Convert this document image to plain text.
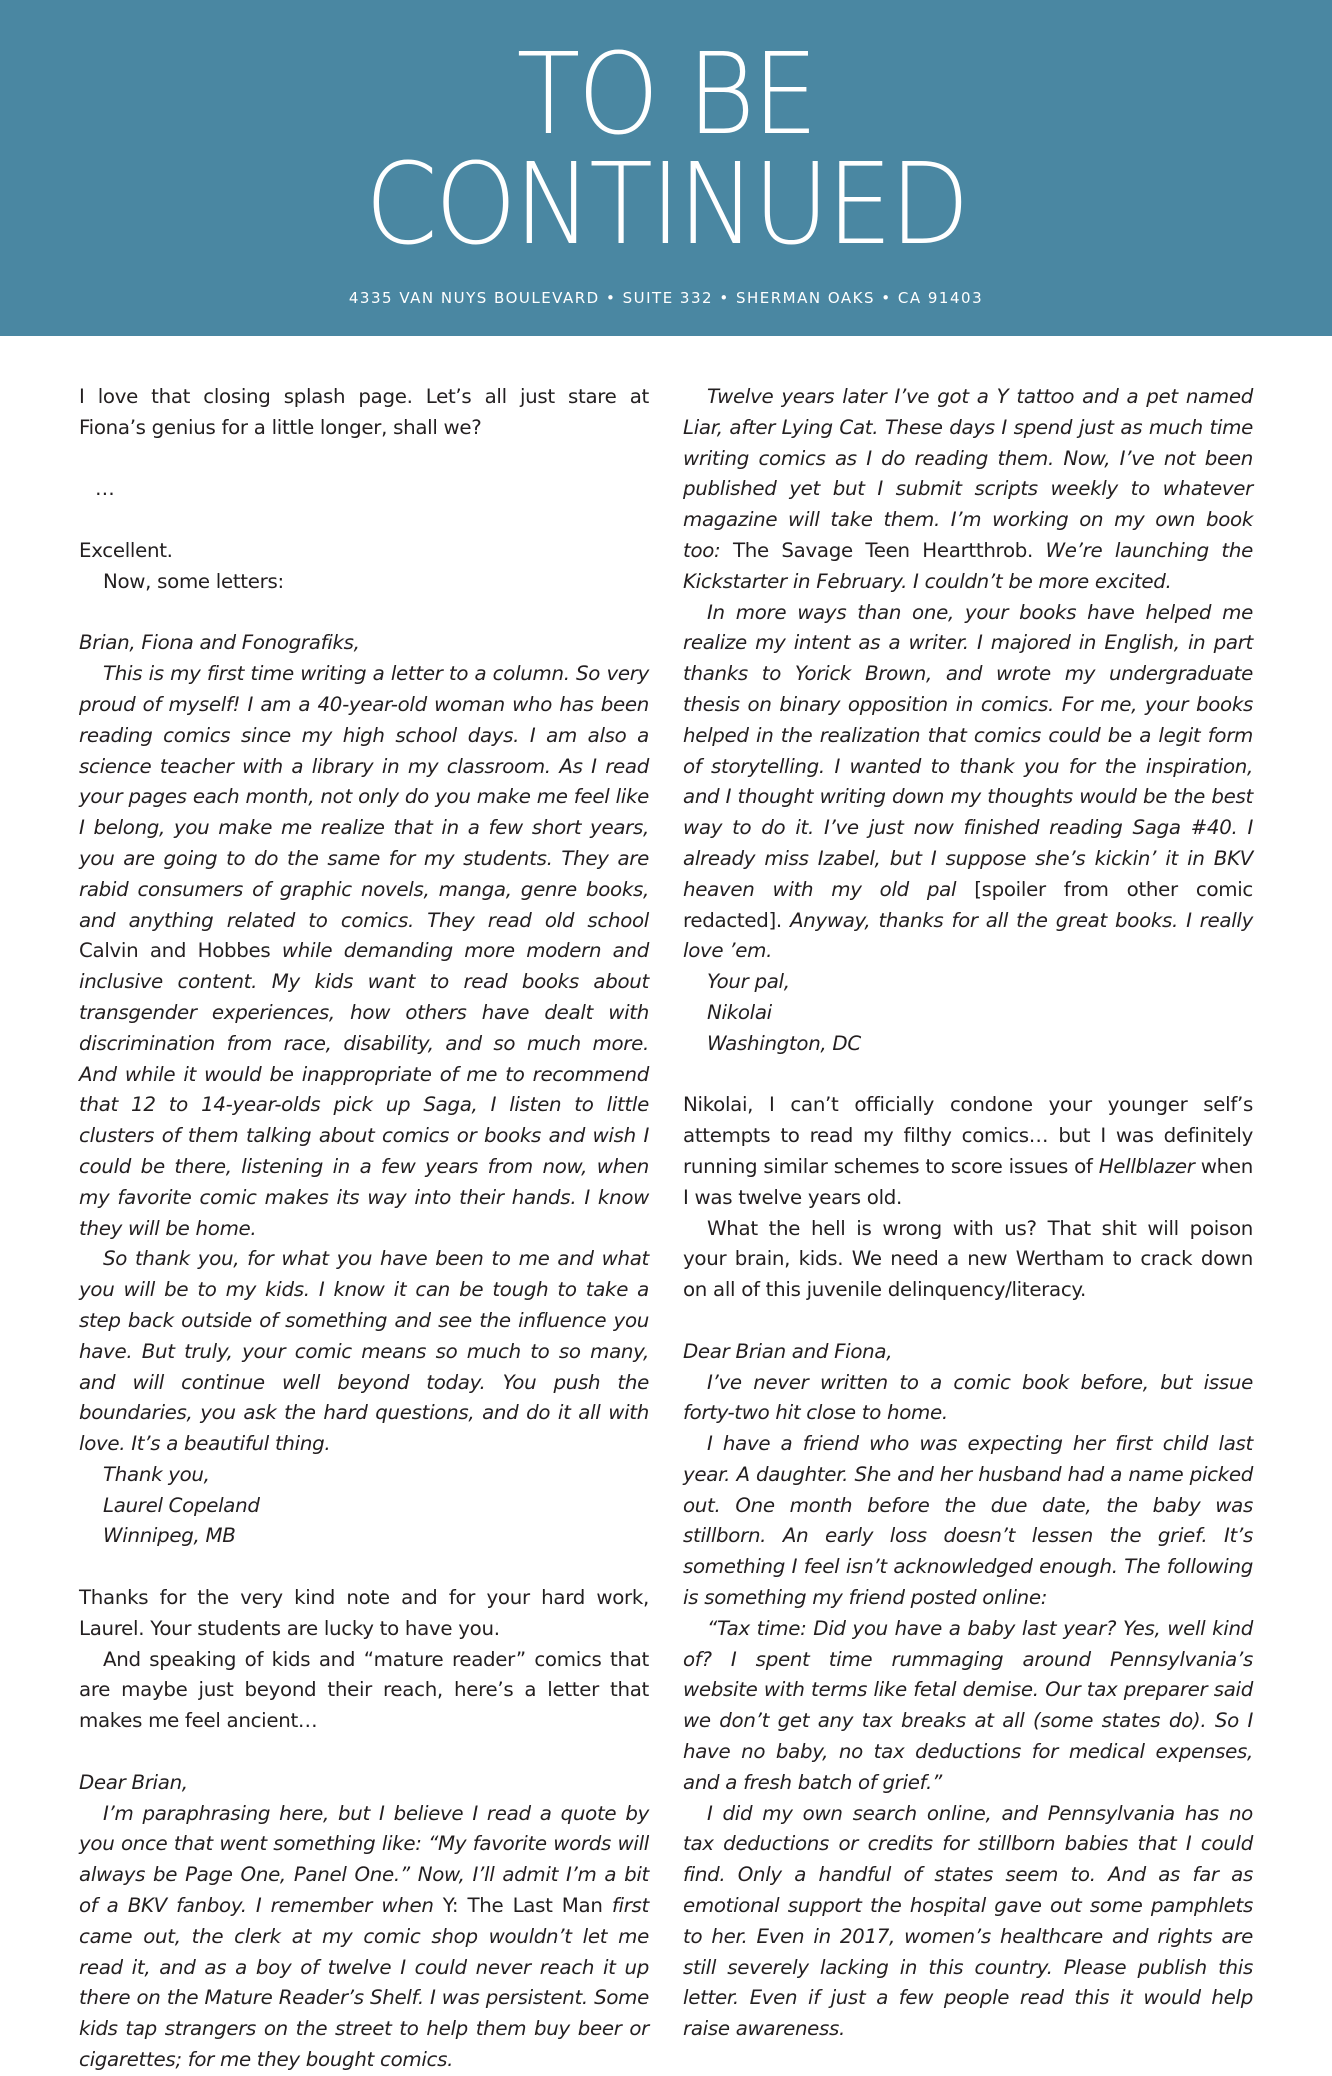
TO BE
CONTINUED
4335 VAN NUYS BOULEVARD • SUITE 332 • SHERMAN OAKS • CA 91403

I love that closing splash page. Let’s all just stare at Fiona’s genius for a little longer, shall we?

…

Excellent.

Now, some letters:

Brian, Fiona and Fonografiks,

This is my first time writing a letter to a column. So very proud of myself! I am a 40-year-old woman who has been reading comics since my high school days. I am also a science teacher with a library in my classroom. As I read your pages each month, not only do you make me feel like I belong, you make me realize that in a few short years, you are going to do the same for my students. They are rabid consumers of graphic novels, manga, genre books, and anything related to comics. They read old school Calvin and Hobbes while demanding more modern and inclusive content. My kids want to read books about transgender experiences, how others have dealt with discrimination from race, disability, and so much more. And while it would be inappropriate of me to recommend that 12 to 14-year-olds pick up Saga, I listen to little clusters of them talking about comics or books and wish I could be there, listening in a few years from now, when my favorite comic makes its way into their hands. I know they will be home.

So thank you, for what you have been to me and what you will be to my kids. I know it can be tough to take a step back outside of something and see the influence you have. But truly, your comic means so much to so many, and will continue well beyond today. You push the boundaries, you ask the hard questions, and do it all with love. It’s a beautiful thing.

Thank you,

Laurel Copeland

Winnipeg, MB

Thanks for the very kind note and for your hard work, Laurel. Your students are lucky to have you.

And speaking of kids and “mature reader” comics that are maybe just beyond their reach, here’s a letter that makes me feel ancient…

Dear Brian,

I’m paraphrasing here, but I believe I read a quote by you once that went something like: “My favorite words will always be Page One, Panel One.” Now, I’ll admit I’m a bit of a BKV fanboy. I remember when Y: The Last Man first came out, the clerk at my comic shop wouldn’t let me read it, and as a boy of twelve I could never reach it up there on the Mature Reader’s Shelf. I was persistent. Some kids tap strangers on the street to help them buy beer or cigarettes; for me they bought comics.

Twelve years later I’ve got a Y tattoo and a pet named Liar, after Lying Cat. These days I spend just as much time writing comics as I do reading them. Now, I’ve not been published yet but I submit scripts weekly to whatever magazine will take them. I’m working on my own book too: The Savage Teen Heartthrob. We’re launching the Kickstarter in February. I couldn’t be more excited.

In more ways than one, your books have helped me realize my intent as a writer. I majored in English, in part thanks to Yorick Brown, and wrote my undergraduate thesis on binary opposition in comics. For me, your books helped in the realization that comics could be a legit form of storytelling. I wanted to thank you for the inspiration, and I thought writing down my thoughts would be the best way to do it. I’ve just now finished reading Saga #40. I already miss Izabel, but I suppose she’s kickin’ it in BKV heaven with my old pal [spoiler from other comic redacted]. Anyway, thanks for all the great books. I really love ’em.

Your pal,

Nikolai

Washington, DC

Nikolai, I can’t officially condone your younger self’s attempts to read my filthy comics… but I was definitely running similar schemes to score issues of Hellblazer when I was twelve years old.

What the hell is wrong with us? That shit will poison your brain, kids. We need a new Wertham to crack down on all of this juvenile delinquency/literacy.

Dear Brian and Fiona,

I’ve never written to a comic book before, but issue forty-two hit close to home.

I have a friend who was expecting her first child last year. A daughter. She and her husband had a name picked out. One month before the due date, the baby was stillborn. An early loss doesn’t lessen the grief. It’s something I feel isn’t acknowledged enough. The following is something my friend posted online:

“Tax time: Did you have a baby last year? Yes, well kind of? I spent time rummaging around Pennsylvania’s website with terms like fetal demise. Our tax preparer said we don’t get any tax breaks at all (some states do). So I have no baby, no tax deductions for medical expenses, and a fresh batch of grief.”

I did my own search online, and Pennsylvania has no tax deductions or credits for stillborn babies that I could find. Only a handful of states seem to. And as far as emotional support the hospital gave out some pamphlets to her. Even in 2017, women’s healthcare and rights are still severely lacking in this country. Please publish this letter. Even if just a few people read this it would help raise awareness.
